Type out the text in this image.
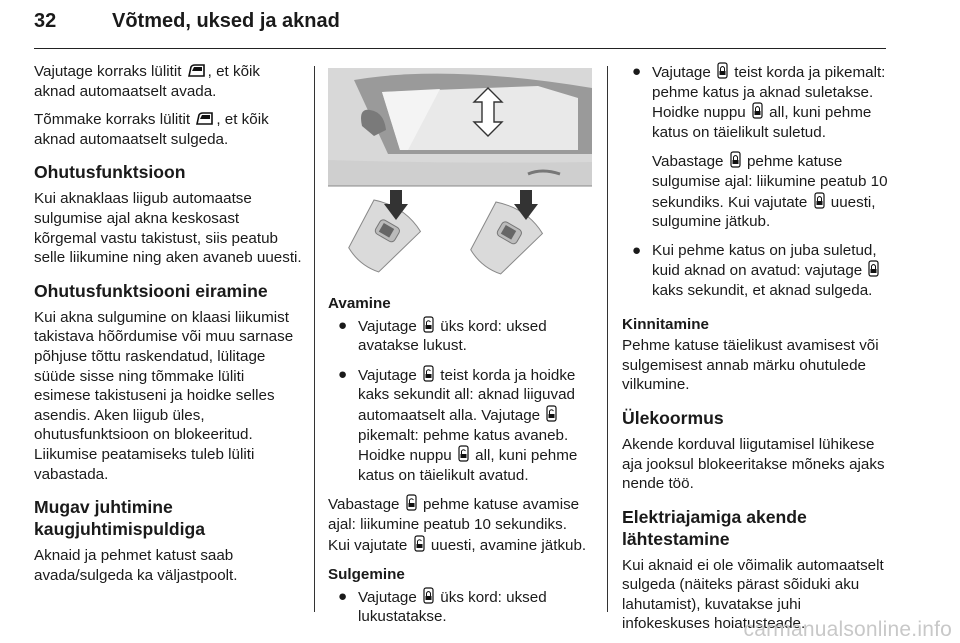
32	Võtmed, uksed ja aknad

Vajutage korraks lülitit , et kõik aknad automaatselt avada.

Tõmmake korraks lülitit , et kõik aknad automaatselt sulgeda.

Ohutusfunktsioon

Kui aknaklaas liigub automaatse sulgumise ajal akna keskosast kõrgemal vastu takistust, siis peatub selle liikumine ning aken avaneb uuesti.

Ohutusfunktsiooni eiramine

Kui akna sulgumine on klaasi liikumist takistava hõõrdumise või muu sarnase põhjuse tõttu raskendatud, lülitage süüde sisse ning tõmmake lüliti esimese takistuseni ja hoidke selles asendis. Aken liigub üles, ohutusfunktsioon on blokeeritud. Liikumise peatamiseks tuleb lüliti vabastada.

Mugav juhtimine kaugjuhtimispuldiga

Aknaid ja pehmet katust saab avada/sulgeda ka väljastpoolt.

Avamine
● Vajutage  üks kord: uksed avatakse lukust.
● Vajutage  teist korda ja hoidke kaks sekundit all: aknad liiguvad automaatselt alla. Vajutage  pikemalt: pehme katus avaneb. Hoidke nuppu  all, kuni pehme katus on täielikult avatud.

Vabastage  pehme katuse avamise ajal: liikumine peatub 10 sekundiks. Kui vajutate  uuesti, avamine jätkub.

Sulgemine
● Vajutage  üks kord: uksed lukustatakse.
● Vajutage  teist korda ja pikemalt: pehme katus ja aknad suletakse. Hoidke nuppu  all, kuni pehme katus on täielikult suletud.

Vabastage  pehme katuse sulgumise ajal: liikumine peatub 10 sekundiks. Kui vajutate  uuesti, sulgumine jätkub.

● Kui pehme katus on juba suletud, kuid aknad on avatud: vajutage  kaks sekundit, et aknad sulgeda.
Kinnitamine

Pehme katuse täielikust avamisest või sulgemisest annab märku ohutulede vilkumine.

Ülekoormus

Akende korduval liigutamisel lühikese aja jooksul blokeeritakse mõneks ajaks nende töö.

Elektriajamiga akende lähtestamine

Kui aknaid ei ole võimalik automaatselt sulgeda (näiteks pärast sõiduki aku lahutamist), kuvatakse juhi infokeskuses hoiatusteade.

carmanualsonline.info
